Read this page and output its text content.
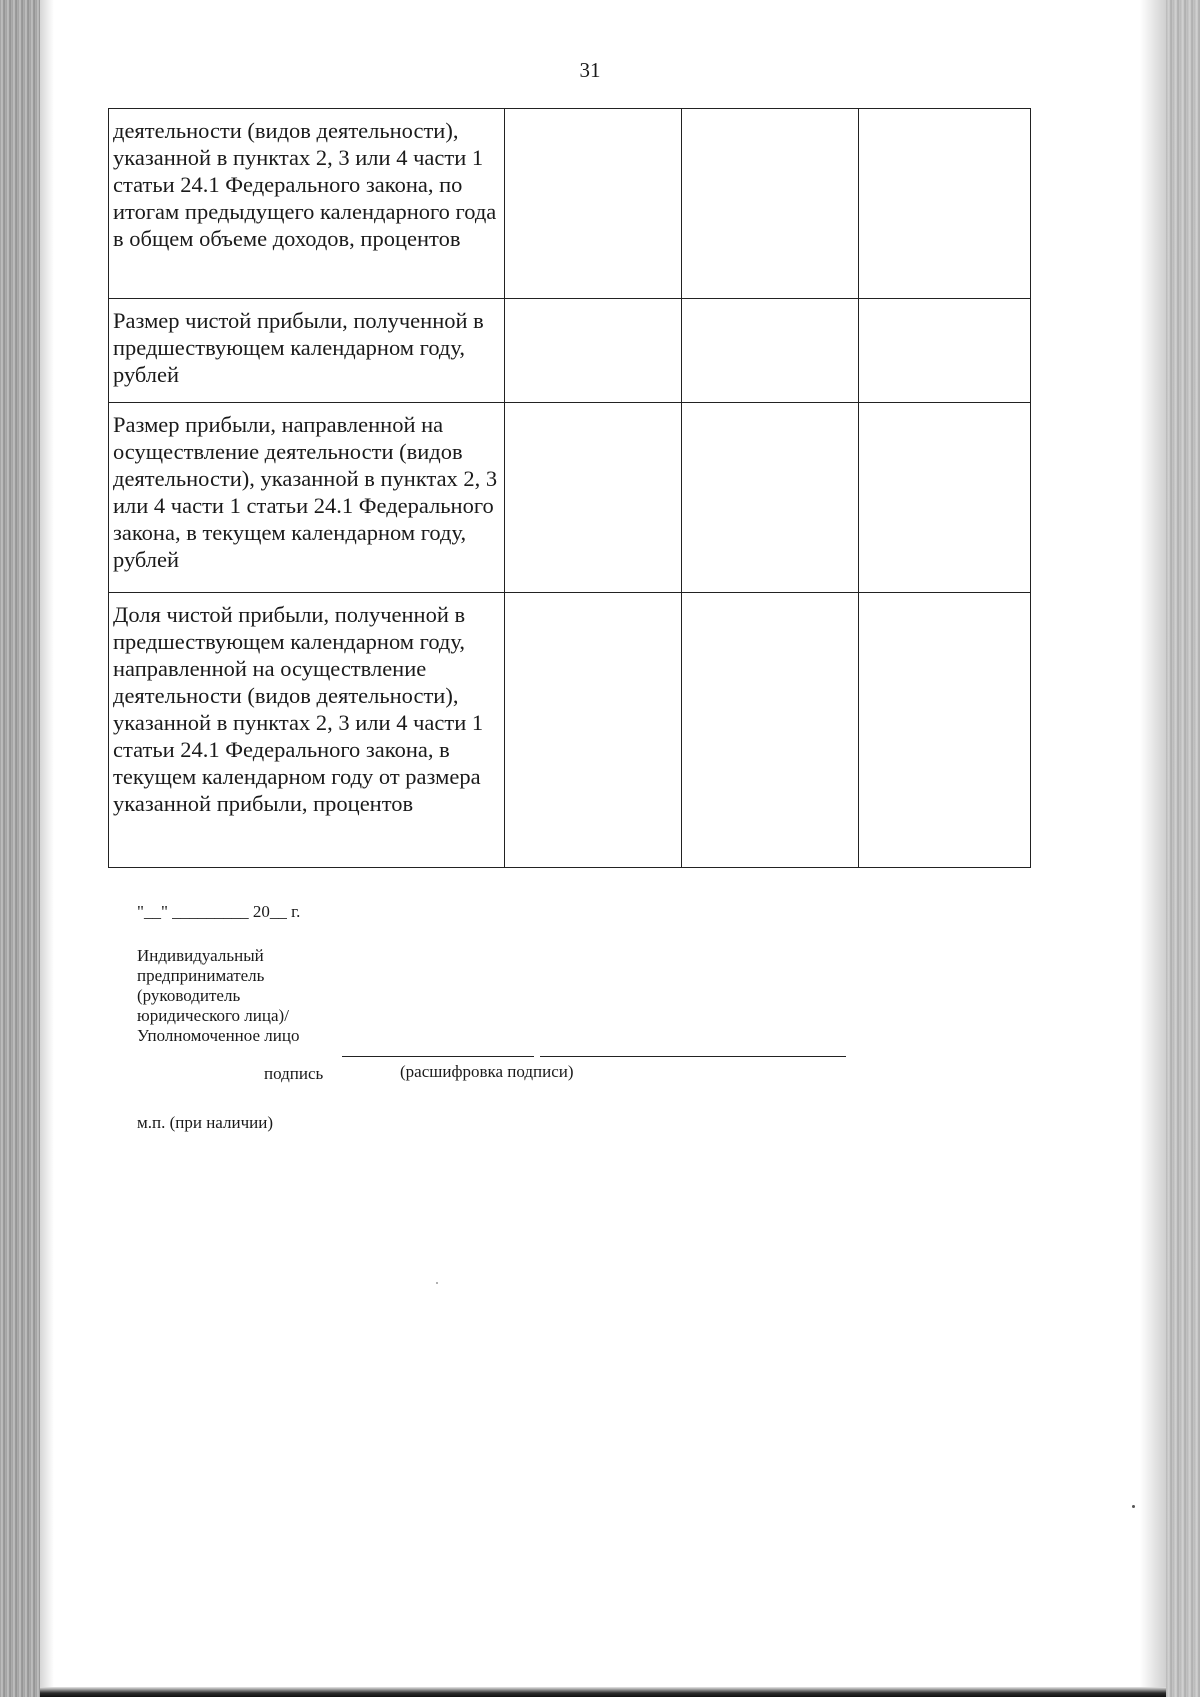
31
деятельности (видов деятельности), указанной в пунктах 2, 3 или 4 части 1 статьи 24.1 Федерального закона, по итогам предыдущего календарного года в общем объеме доходов, процентов			

Размер чистой прибыли, полученной в предшествующем календарном году, рублей			

Размер прибыли, направленной на осуществление деятельности (видов деятельности), указанной в пунктах 2, 3 или 4 части 1 статьи 24.1 Федерального закона, в текущем календарном году, рублей			

Доля чистой прибыли, полученной в предшествующем календарном году, направленной на осуществление деятельности (видов деятельности), указанной в пунктах 2, 3 или 4 части 1 статьи 24.1 Федерального закона, в текущем календарном году от размера указанной прибыли, процентов			

"__" _________ 20__ г.
Индивидуальный
предприниматель
(руководитель
юридического лица)/
Уполномоченное лицо
подпись	(расшифровка подписи)
м.п. (при наличии)
